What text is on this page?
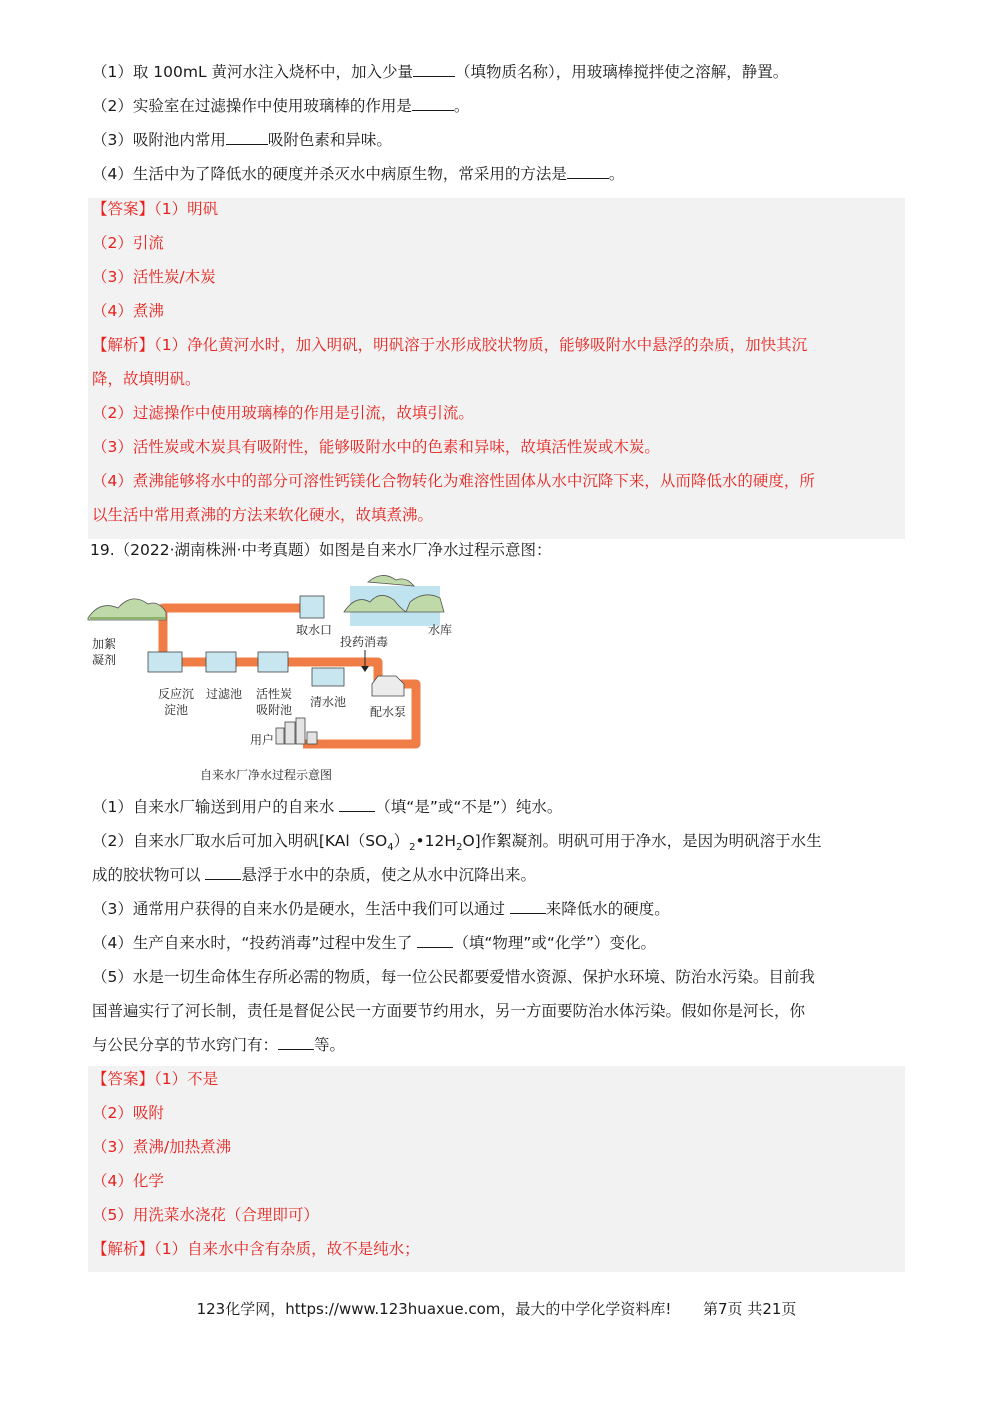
（1）取 100mL 黄河水注入烧杯中，加入少量	（填物质名称），用玻璃棒搅拌使之溶解，静置。
（2）实验室在过滤操作中使用玻璃棒的作用是	。
（3）吸附池内常用	吸附色素和异味。
（4）生活中为了降低水的硬度并杀灭水中病原生物，常采用的方法是	。
【答案】（1）明矾
（2）引流
（3）活性炭/木炭
（4）煮沸
【解析】（1）净化黄河水时，加入明矾，明矾溶于水形成胶状物质，能够吸附水中悬浮的杂质，加快其沉
降，故填明矾。
（2）过滤操作中使用玻璃棒的作用是引流，故填引流。
（3）活性炭或木炭具有吸附性，能够吸附水中的色素和异味，故填活性炭或木炭。
（4）煮沸能够将水中的部分可溶性钙镁化合物转化为难溶性固体从水中沉降下来，从而降低水的硬度，所
以生活中常用煮沸的方法来软化硬水，故填煮沸。
19.（2022·湖南株洲·中考真题）如图是自来水厂净水过程示意图：
取水口	水库
加絮
凝剂
投药消毒
反应沉
淀池
过滤池 活性炭
吸附池
清水池
配水泵
用户
自来水厂净水过程示意图
（1）自来水厂输送到用户的自来水 （填“是”或“不是”）纯水。
（2）自来水厂取水后可加入明矾$[KAl(SO_4)_2•12H_2O]$作絮凝剂。明矾可用于净水，是因为明矾溶于水生
成的胶状物可以 悬浮于水中的杂质，使之从水中沉降出来。
（3）通常用户获得的自来水仍是硬水，生活中我们可以通过 来降低水的硬度。
（4）生产自来水时，“投药消毒”过程中发生了 （填“物理”或“化学”）变化。
（5）水是一切生命体生存所必需的物质，每一位公民都要爱惜水资源、保护水环境、防治水污染。目前我
国普遍实行了河长制，责任是督促公民一方面要节约用水，另一方面要防治水体污染。假如你是河长，你
与公民分享的节水窍门有： 等。
【答案】（1）不是
（2）吸附
（3）煮沸/加热煮沸
（4）化学
（5）用洗菜水浇花（合理即可）
【解析】（1）自来水中含有杂质，故不是纯水；
123化学网，https://www.123huaxue.com，最大的中学化学资料库! 第7页 共21页
